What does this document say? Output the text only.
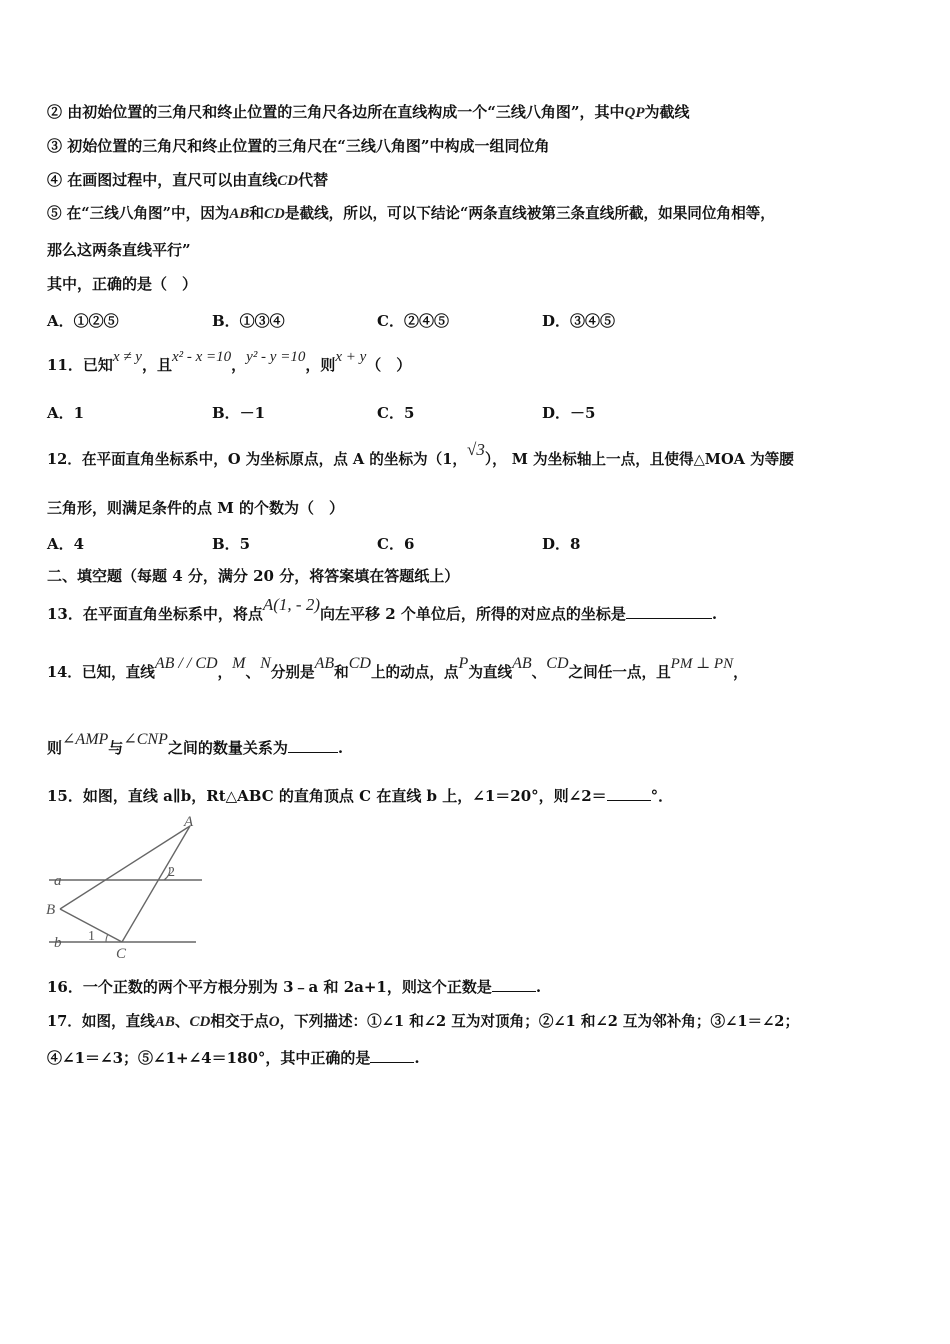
② 由初始位置的三角尺和终止位置的三角尺各边所在直线构成一个“三线八角图”，其中QP为截线
③ 初始位置的三角尺和终止位置的三角尺在“三线八角图”中构成一组同位角
④ 在画图过程中，直尺可以由直线CD代替
⑤ 在“三线八角图”中，因为AB和CD是截线，所以，可以下结论“两条直线被第三条直线所截，如果同位角相等，
那么这两条直线平行”
其中，正确的是（　）
A．①②⑤	B．①③④	C．②④⑤	D．③④⑤
11．已知x ≠ y，且x² - x =10，y² - y =10，则x + y（　）
A．1	B．－1	C．5	D．－5
12．在平面直角坐标系中，O 为坐标原点，点 A 的坐标为（1，√3）， M 为坐标轴上一点，且使得△MOA 为等腰
三角形，则满足条件的点 M 的个数为（　）
A．4	B．5	C．6	D．8
二、填空题（每题 4 分，满分 20 分，将答案填在答题纸上）
13．在平面直角坐标系中，将点A(1, - 2)向左平移 2 个单位后，所得的对应点的坐标是	.
14．已知，直线AB / / CD，M、N分别是AB和CD上的动点，点P为直线AB、CD之间任一点，且PM ⊥ PN，
则∠AMP与∠CNP之间的数量关系为	.
15．如图，直线 a∥b，Rt△ABC 的直角顶点 C 在直线 b 上，∠1＝20°，则∠2＝	°．
A
B
C
a
b 1
2
16．一个正数的两个平方根分别为 3﹣a 和 2a+1，则这个正数是	.
17．如图，直线AB、CD相交于点O，下列描述：①∠1 和∠2 互为对顶角；②∠1 和∠2 互为邻补角；③∠1＝∠2；
④∠1＝∠3；⑤∠1+∠4＝180°，其中正确的是	.
